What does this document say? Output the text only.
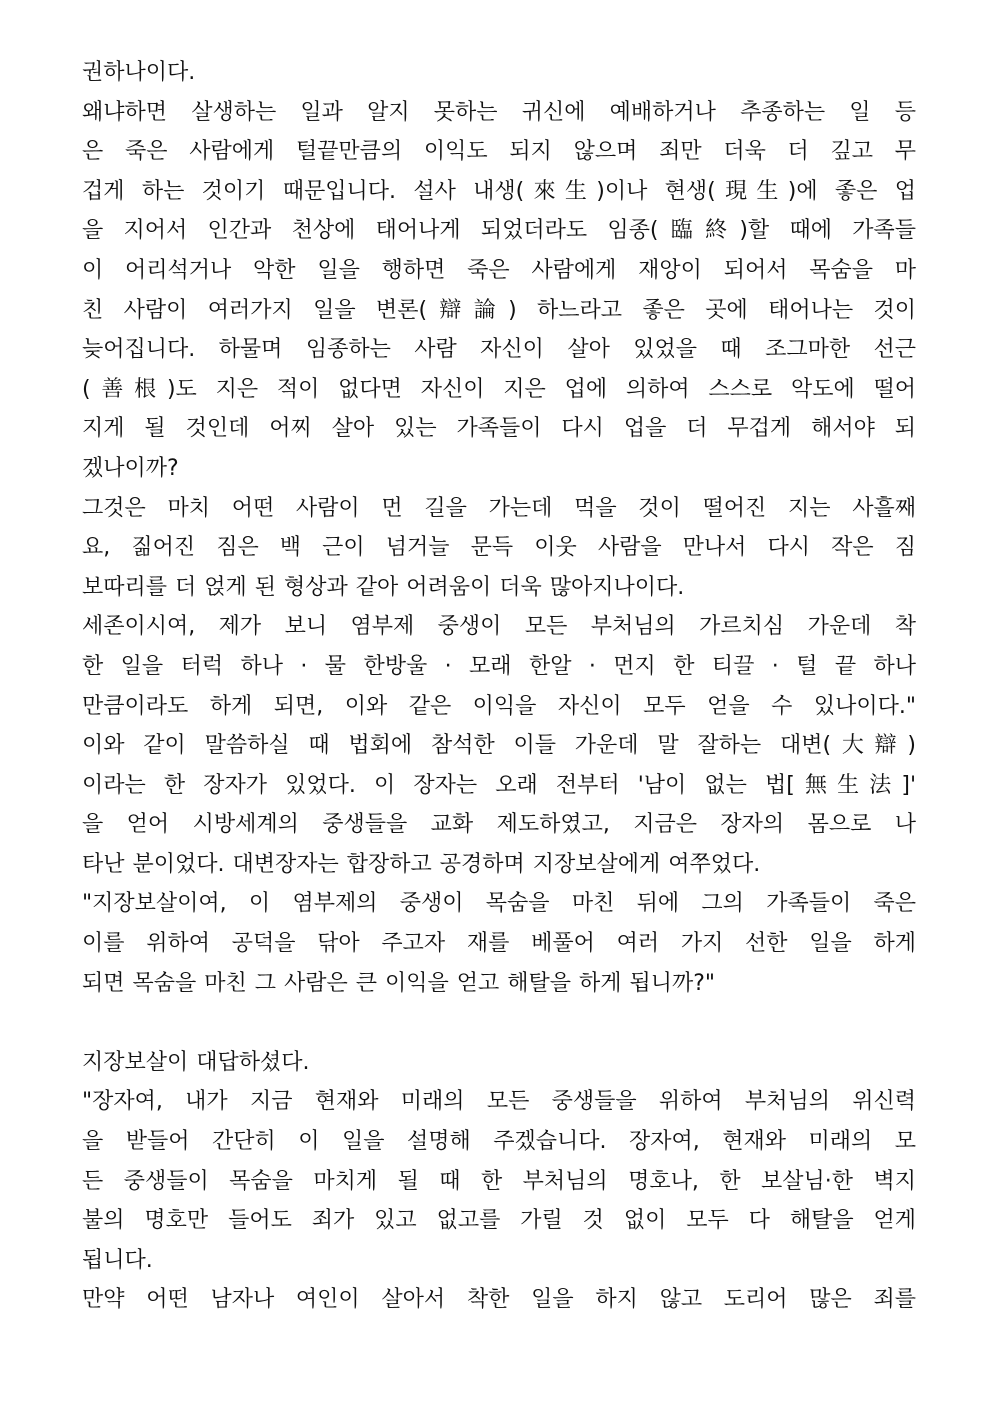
권하나이다.
왜냐하면 살생하는 일과 알지 못하는 귀신에 예배하거나 추종하는 일 등
은 죽은 사람에게 털끝만큼의 이익도 되지 않으며 죄만 더욱 더 깊고 무
겁게 하는 것이기 때문입니다. 설사 내생(來生)이나 현생(現生)에 좋은 업
을 지어서 인간과 천상에 태어나게 되었더라도 임종(臨終)할 때에 가족들
이 어리석거나 악한 일을 행하면 죽은 사람에게 재앙이 되어서 목숨을 마
친 사람이 여러가지 일을 변론(辯論) 하느라고 좋은 곳에 태어나는 것이
늦어집니다. 하물며 임종하는 사람 자신이 살아 있었을 때 조그마한 선근
(善根)도 지은 적이 없다면 자신이 지은 업에 의하여 스스로 악도에 떨어
지게 될 것인데 어찌 살아 있는 가족들이 다시 업을 더 무겁게 해서야 되
겠나이까?
그것은 마치 어떤 사람이 먼 길을 가는데 먹을 것이 떨어진 지는 사흘째
요, 짊어진 짐은 백 근이 넘거늘 문득 이웃 사람을 만나서 다시 작은 짐
보따리를 더 얹게 된 형상과 같아 어려움이 더욱 많아지나이다.
세존이시여, 제가 보니 염부제 중생이 모든 부처님의 가르치심 가운데 착
한 일을 터럭 하나 · 물 한방울 · 모래 한알 · 먼지 한 티끌 · 털 끝 하나
만큼이라도 하게 되면, 이와 같은 이익을 자신이 모두 얻을 수 있나이다."
이와 같이 말씀하실 때 법회에 참석한 이들 가운데 말 잘하는 대변(大辯)
이라는 한 장자가 있었다. 이 장자는 오래 전부터 '남이 없는 법[無生法]'
을 얻어 시방세계의 중생들을 교화 제도하였고, 지금은 장자의 몸으로 나
타난 분이었다. 대변장자는 합장하고 공경하며 지장보살에게 여쭈었다.
"지장보살이여, 이 염부제의 중생이 목숨을 마친 뒤에 그의 가족들이 죽은
이를 위하여 공덕을 닦아 주고자 재를 베풀어 여러 가지 선한 일을 하게
되면 목숨을 마친 그 사람은 큰 이익을 얻고 해탈을 하게 됩니까?"
지장보살이 대답하셨다.
"장자여, 내가 지금 현재와 미래의 모든 중생들을 위하여 부처님의 위신력
을 받들어 간단히 이 일을 설명해 주겠습니다. 장자여, 현재와 미래의 모
든 중생들이 목숨을 마치게 될 때 한 부처님의 명호나, 한 보살님·한 벽지
불의 명호만 들어도 죄가 있고 없고를 가릴 것 없이 모두 다 해탈을 얻게
됩니다.
만약 어떤 남자나 여인이 살아서 착한 일을 하지 않고 도리어 많은 죄를
